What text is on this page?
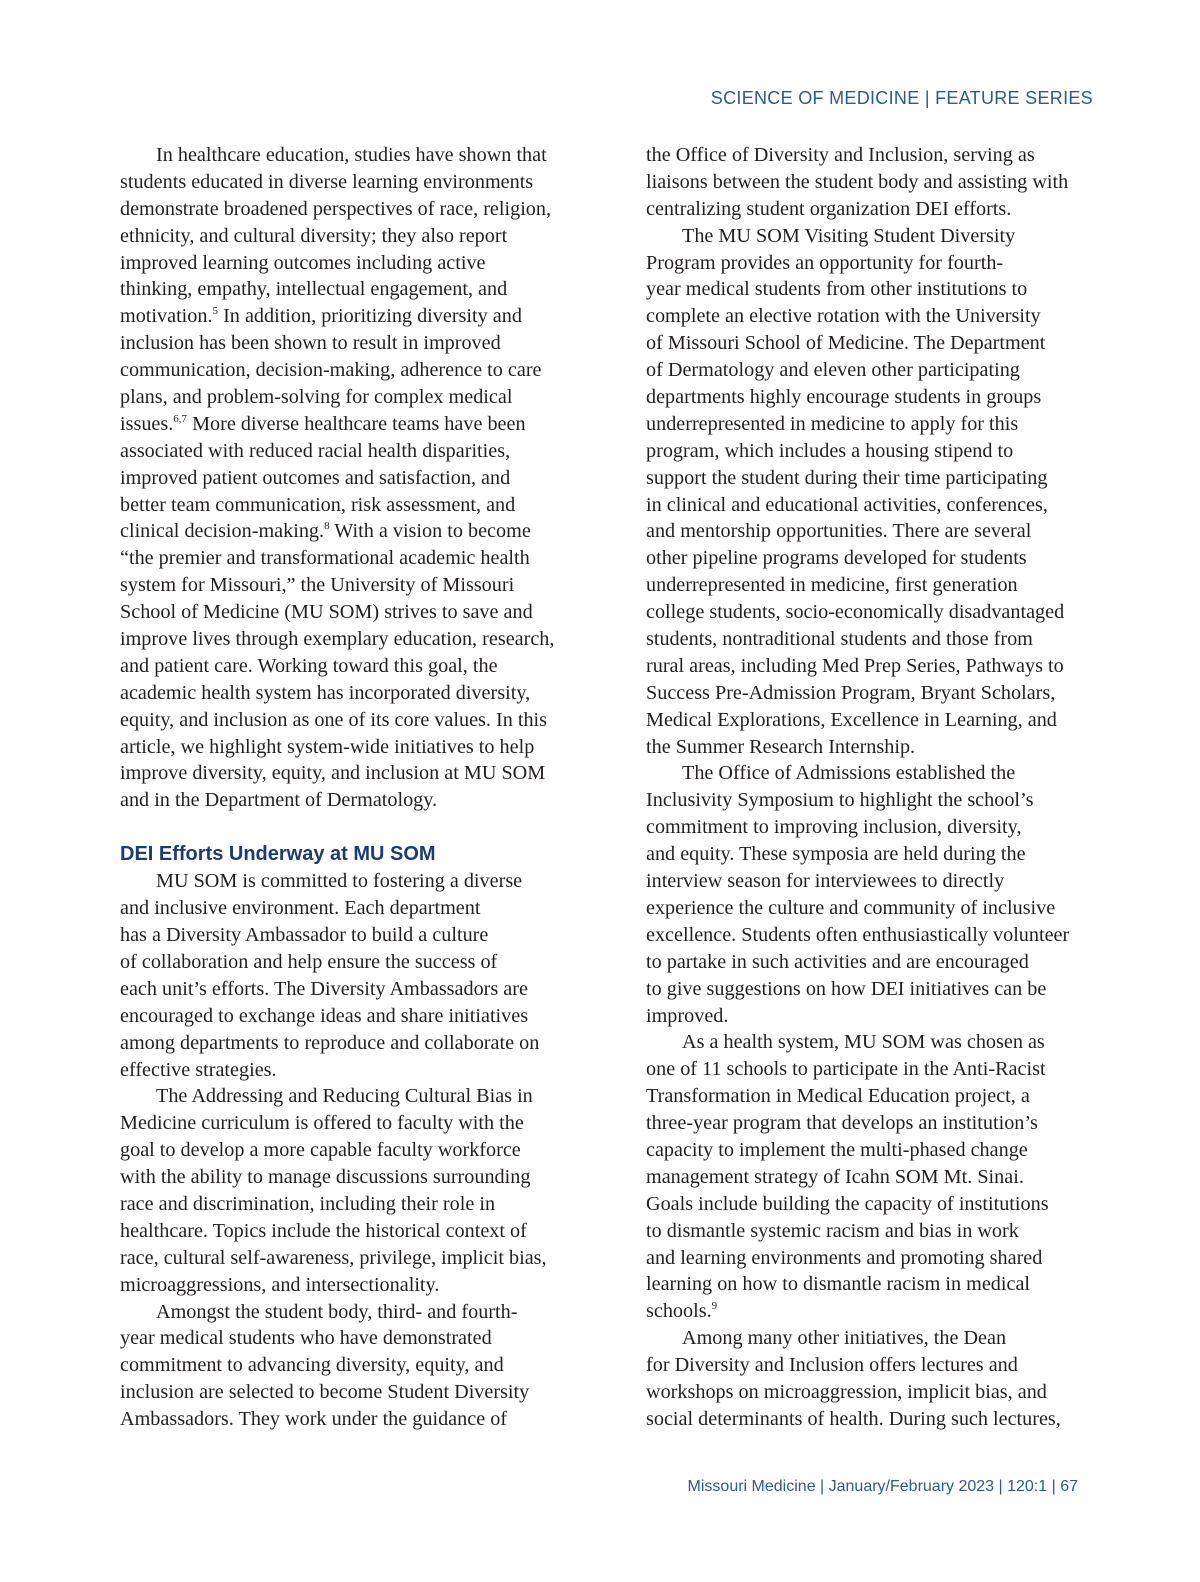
SCIENCE OF MEDICINE | FEATURE SERIES
In healthcare education, studies have shown that
students educated in diverse learning environments
demonstrate broadened perspectives of race, religion,
ethnicity, and cultural diversity; they also report
improved learning outcomes including active
thinking, empathy, intellectual engagement, and
motivation.$^5$ In addition, prioritizing diversity and
inclusion has been shown to result in improved
communication, decision-making, adherence to care
plans, and problem-solving for complex medical
issues.$^{6,7}$ More diverse healthcare teams have been
associated with reduced racial health disparities,
improved patient outcomes and satisfaction, and
better team communication, risk assessment, and
clinical decision-making.$^8$ With a vision to become
“the premier and transformational academic health
system for Missouri,” the University of Missouri
School of Medicine (MU SOM) strives to save and
improve lives through exemplary education, research,
and patient care. Working toward this goal, the
academic health system has incorporated diversity,
equity, and inclusion as one of its core values. In this
article, we highlight system-wide initiatives to help
improve diversity, equity, and inclusion at MU SOM
and in the Department of Dermatology.
DEI Efforts Underway at MU SOM
MU SOM is committed to fostering a diverse
and inclusive environment. Each department
has a Diversity Ambassador to build a culture
of collaboration and help ensure the success of
each unit’s efforts. The Diversity Ambassadors are
encouraged to exchange ideas and share initiatives
among departments to reproduce and collaborate on
effective strategies.
The Addressing and Reducing Cultural Bias in
Medicine curriculum is offered to faculty with the
goal to develop a more capable faculty workforce
with the ability to manage discussions surrounding
race and discrimination, including their role in
healthcare. Topics include the historical context of
race, cultural self-awareness, privilege, implicit bias,
microaggressions, and intersectionality.
Amongst the student body, third- and fourth-
year medical students who have demonstrated
commitment to advancing diversity, equity, and
inclusion are selected to become Student Diversity
Ambassadors. They work under the guidance of
the Office of Diversity and Inclusion, serving as
liaisons between the student body and assisting with
centralizing student organization DEI efforts.
The MU SOM Visiting Student Diversity
Program provides an opportunity for fourth-
year medical students from other institutions to
complete an elective rotation with the University
of Missouri School of Medicine. The Department
of Dermatology and eleven other participating
departments highly encourage students in groups
underrepresented in medicine to apply for this
program, which includes a housing stipend to
support the student during their time participating
in clinical and educational activities, conferences,
and mentorship opportunities. There are several
other pipeline programs developed for students
underrepresented in medicine, first generation
college students, socio-economically disadvantaged
students, nontraditional students and those from
rural areas, including Med Prep Series, Pathways to
Success Pre-Admission Program, Bryant Scholars,
Medical Explorations, Excellence in Learning, and
the Summer Research Internship.
The Office of Admissions established the
Inclusivity Symposium to highlight the school’s
commitment to improving inclusion, diversity,
and equity. These symposia are held during the
interview season for interviewees to directly
experience the culture and community of inclusive
excellence. Students often enthusiastically volunteer
to partake in such activities and are encouraged
to give suggestions on how DEI initiatives can be
improved.
As a health system, MU SOM was chosen as
one of 11 schools to participate in the Anti-Racist
Transformation in Medical Education project, a
three-year program that develops an institution’s
capacity to implement the multi-phased change
management strategy of Icahn SOM Mt. Sinai.
Goals include building the capacity of institutions
to dismantle systemic racism and bias in work
and learning environments and promoting shared
learning on how to dismantle racism in medical
schools.$^9$
Among many other initiatives, the Dean
for Diversity and Inclusion offers lectures and
workshops on microaggression, implicit bias, and
social determinants of health. During such lectures,
Missouri Medicine | January/February 2023 | 120:1 | 67
